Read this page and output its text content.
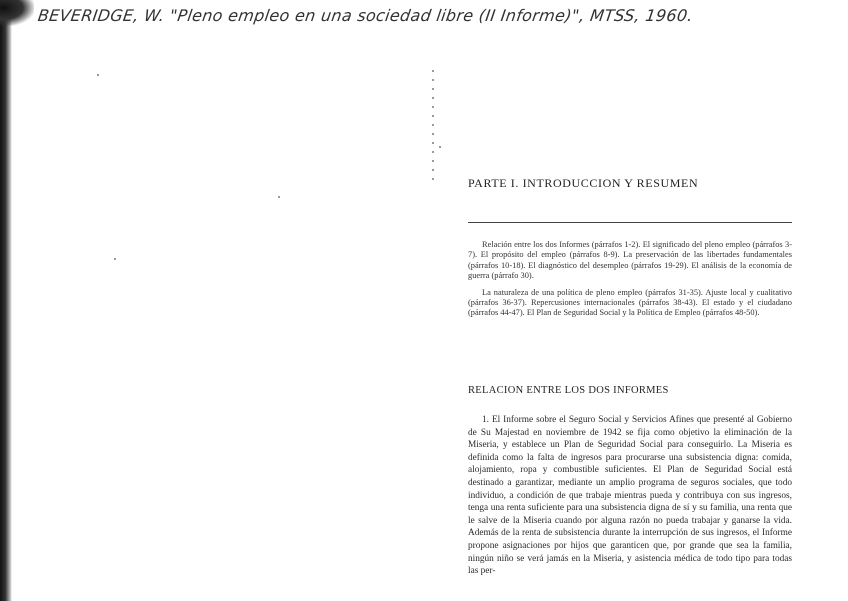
BEVERIDGE, W. "Pleno empleo en una sociedad libre (II Informe)", MTSS, 1960.
PARTE I. INTRODUCCION Y RESUMEN

Relación entre los dos Informes (párrafos 1-2). El significado del pleno empleo (párrafos 3-7). El propósito del empleo (párrafos 8-9). La preservación de las libertades fundamentales (párrafos 10-18). El diagnóstico del desempleo (párrafos 19-29). El análisis de la economía de guerra (párrafo 30).

La naturaleza de una política de pleno empleo (párrafos 31-35). Ajuste local y cualitativo (párrafos 36-37). Repercusiones internacionales (párrafos 38-43). El estado y el ciudadano (párrafos 44-47). El Plan de Seguridad Social y la Política de Empleo (párrafos 48-50).

RELACION ENTRE LOS DOS INFORMES

1. El Informe sobre el Seguro Social y Servicios Afines que presenté al Gobierno de Su Majestad en noviembre de 1942 se fija como objetivo la eliminación de la Miseria, y establece un Plan de Seguridad Social para conseguirlo. La Miseria es definida como la falta de ingresos para procurarse una subsistencia digna: comida, alojamiento, ropa y combustible suficientes. El Plan de Seguridad Social está destinado a garantizar, mediante un amplio programa de seguros sociales, que todo individuo, a condición de que trabaje mientras pueda y contribuya con sus ingresos, tenga una renta suficiente para una subsistencia digna de sí y su familia, una renta que le salve de la Miseria cuando por alguna razón no pueda trabajar y ganarse la vida. Además de la renta de subsistencia durante la interrupción de sus ingresos, el Informe propone asignaciones por hijos que garanticen que, por grande que sea la familia, ningún niño se verá jamás en la Miseria, y asistencia médica de todo tipo para todas las per-
